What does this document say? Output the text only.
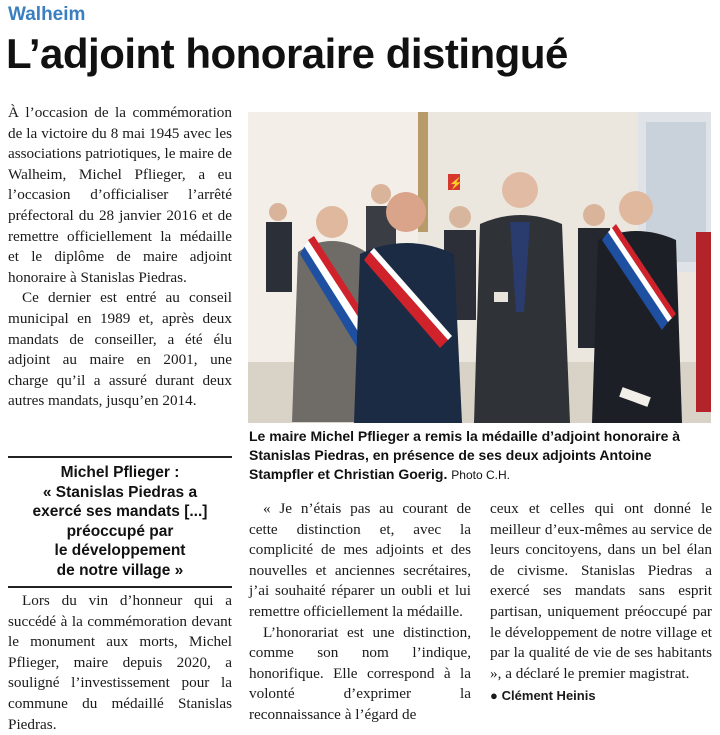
Walheim
L’adjoint honoraire distingué

À l’occasion de la commémoration de la victoire du 8 mai 1945 avec les associations patriotiques, le maire de Walheim, Michel Pflieger, a eu l’occasion d’officialiser l’arrêté préfectoral du 28 janvier 2016 et de remettre officiellement la médaille et le diplôme de maire adjoint honoraire à Stanislas Piedras.

Ce dernier est entré au conseil municipal en 1989 et, après deux mandats de conseiller, a été élu adjoint au maire en 2001, une charge qu’il a assuré durant deux autres mandats, jusqu’en 2014.

Michel Pflieger :
« Stanislas Piedras a
exercé ses mandats [...]
préoccupé par
le développement
de notre village »

Lors du vin d’honneur qui a succédé à la commémoration devant le monument aux morts, Michel Pflieger, maire depuis 2020, a souligné l’investissement pour la commune du médaillé Stanislas Piedras.

⚡
Le maire Michel Pflieger a remis la médaille d’adjoint honoraire à Stanislas Piedras, en présence de ses deux adjoints Antoine Stampfler et Christian Goerig. Photo C.H.

« Je n’étais pas au courant de cette distinction et, avec la complicité de mes adjoints et des nouvelles et anciennes secrétaires, j’ai souhaité réparer un oubli et lui remettre officiellement la médaille.

L’honorariat est une distinction, comme son nom l’indique, honorifique. Elle correspond à la volonté d’exprimer la reconnaissance à l’égard de

ceux et celles qui ont donné le meilleur d’eux-mêmes au service de leurs concitoyens, dans un bel élan de civisme. Stanislas Piedras a exercé ses mandats sans esprit partisan, uniquement préoccupé par le développement de notre village et par la qualité de vie de ses habitants », a déclaré le premier magistrat.

● Clément Heinis
